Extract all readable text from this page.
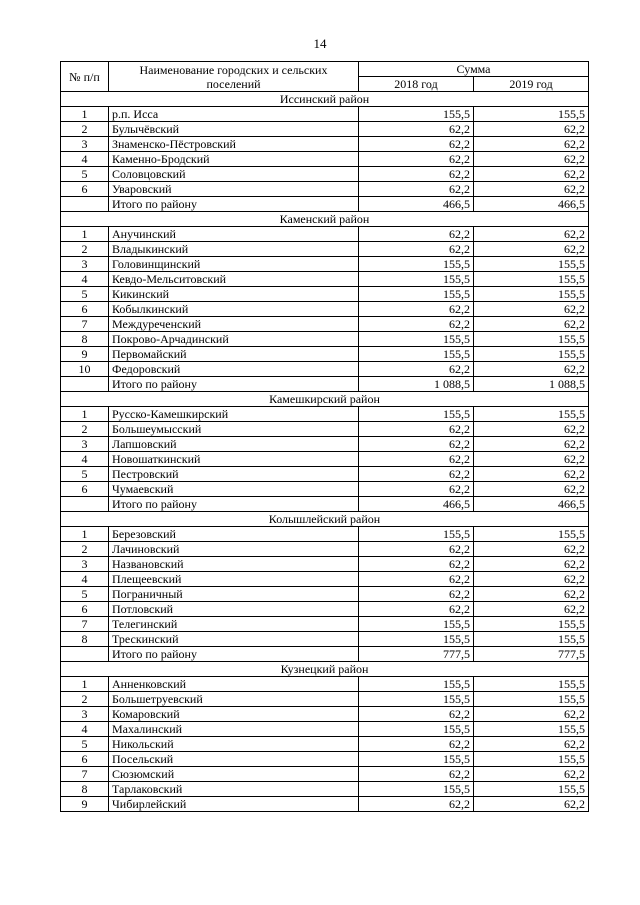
14
№ п/п	Наименование городских и сельских поселений	Сумма	
		2018 год	2019 год
Иссинский район			
1	р.п. Исса	155,5	155,5
2	Булычёвский	62,2	62,2
3	Знаменско-Пёстровский	62,2	62,2
4	Каменно-Бродский	62,2	62,2
5	Соловцовский	62,2	62,2
6	Уваровский	62,2	62,2
	Итого по району	466,5	466,5
Каменский район			
1	Анучинский	62,2	62,2
2	Владыкинский	62,2	62,2
3	Головинщинский	155,5	155,5
4	Кевдо-Мельситовский	155,5	155,5
5	Кикинский	155,5	155,5
6	Кобылкинский	62,2	62,2
7	Междуреченский	62,2	62,2
8	Покрово-Арчадинский	155,5	155,5
9	Первомайский	155,5	155,5
10	Федоровский	62,2	62,2
	Итого по району	1 088,5	1 088,5
Камешкирский район			
1	Русско-Камешкирский	155,5	155,5
2	Большеумысский	62,2	62,2
3	Лапшовский	62,2	62,2
4	Новошаткинский	62,2	62,2
5	Пестровский	62,2	62,2
6	Чумаевский	62,2	62,2
	Итого по району	466,5	466,5
Колышлейский район			
1	Березовский	155,5	155,5
2	Лачиновский	62,2	62,2
3	Названовский	62,2	62,2
4	Плещеевский	62,2	62,2
5	Пограничный	62,2	62,2
6	Потловский	62,2	62,2
7	Телегинский	155,5	155,5
8	Трескинский	155,5	155,5
	Итого по району	777,5	777,5
Кузнецкий район			
1	Анненковский	155,5	155,5
2	Большетруевский	155,5	155,5
3	Комаровский	62,2	62,2
4	Махалинский	155,5	155,5
5	Никольский	62,2	62,2
6	Посельский	155,5	155,5
7	Сюзюмский	62,2	62,2
8	Тарлаковский	155,5	155,5
9	Чибирлейский	62,2	62,2
